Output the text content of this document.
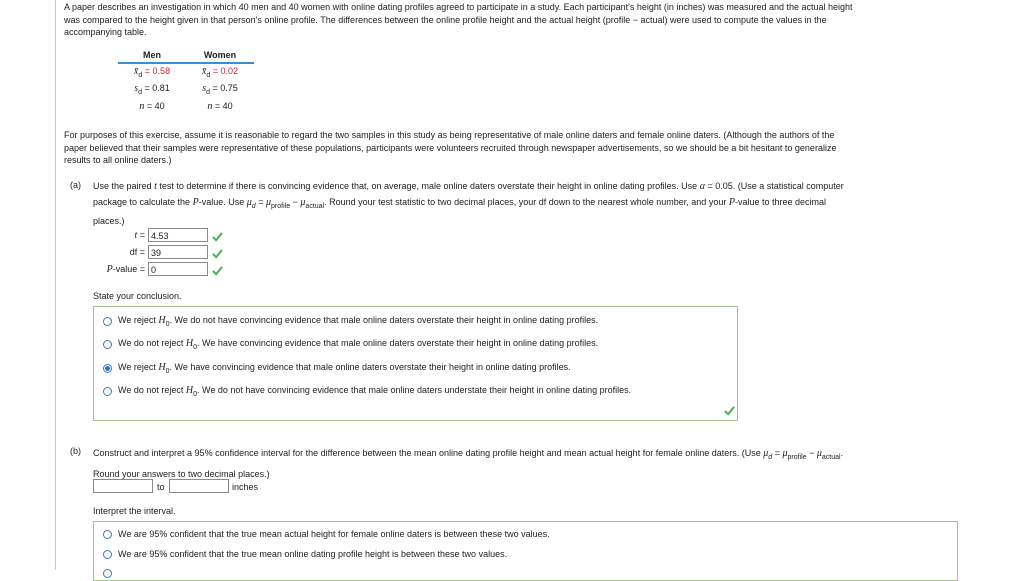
A paper describes an investigation in which 40 men and 40 women with online dating profiles agreed to participate in a study. Each participant's height (in inches) was measured and the actual height
was compared to the height given in that person's online profile. The differences between the online profile height and the actual height (profile − actual) were used to compute the values in the
accompanying table.
Men	Women
$x̄_d = 0.58$	$x̄_d = 0.02$
$s_d = 0.81$	$s_d = 0.75$
n = 40	n = 40
For purposes of this exercise, assume it is reasonable to regard the two samples in this study as being representative of male online daters and female online daters. (Although the authors of the
paper believed that their samples were representative of these populations, participants were volunteers recruited through newspaper advertisements, so we should be a bit hesitant to generalize
results to all online daters.)
(a) Use the paired t test to determine if there is convincing evidence that, on average, male online daters overstate their height in online dating profiles. Use α = 0.05. (Use a statistical computer
package to calculate the P-value. Use $\mu_d = \mu_{profile} - \mu_{actual}$. Round your test statistic to two decimal places, your df down to the nearest whole number, and your P-value to three decimal
places.)
t = 4.53
df = 39
P-value = 0
State your conclusion.
We reject $H_0$. We do not have convincing evidence that male online daters overstate their height in online dating profiles.
We do not reject $H_0$. We have convincing evidence that male online daters overstate their height in online dating profiles.
We reject $H_0$. We have convincing evidence that male online daters overstate their height in online dating profiles.
We do not reject $H_0$. We do not have convincing evidence that male online daters understate their height in online dating profiles.
(b) Construct and interpret a 95% confidence interval for the difference between the mean online dating profile height and mean actual height for female online daters. (Use $\mu_d = \mu_{profile} - \mu_{actual}$.
Round your answers to two decimal places.)
to	inches
Interpret the interval.
We are 95% confident that the true mean actual height for female online daters is between these two values.
We are 95% confident that the true mean online dating profile height is between these two values.
